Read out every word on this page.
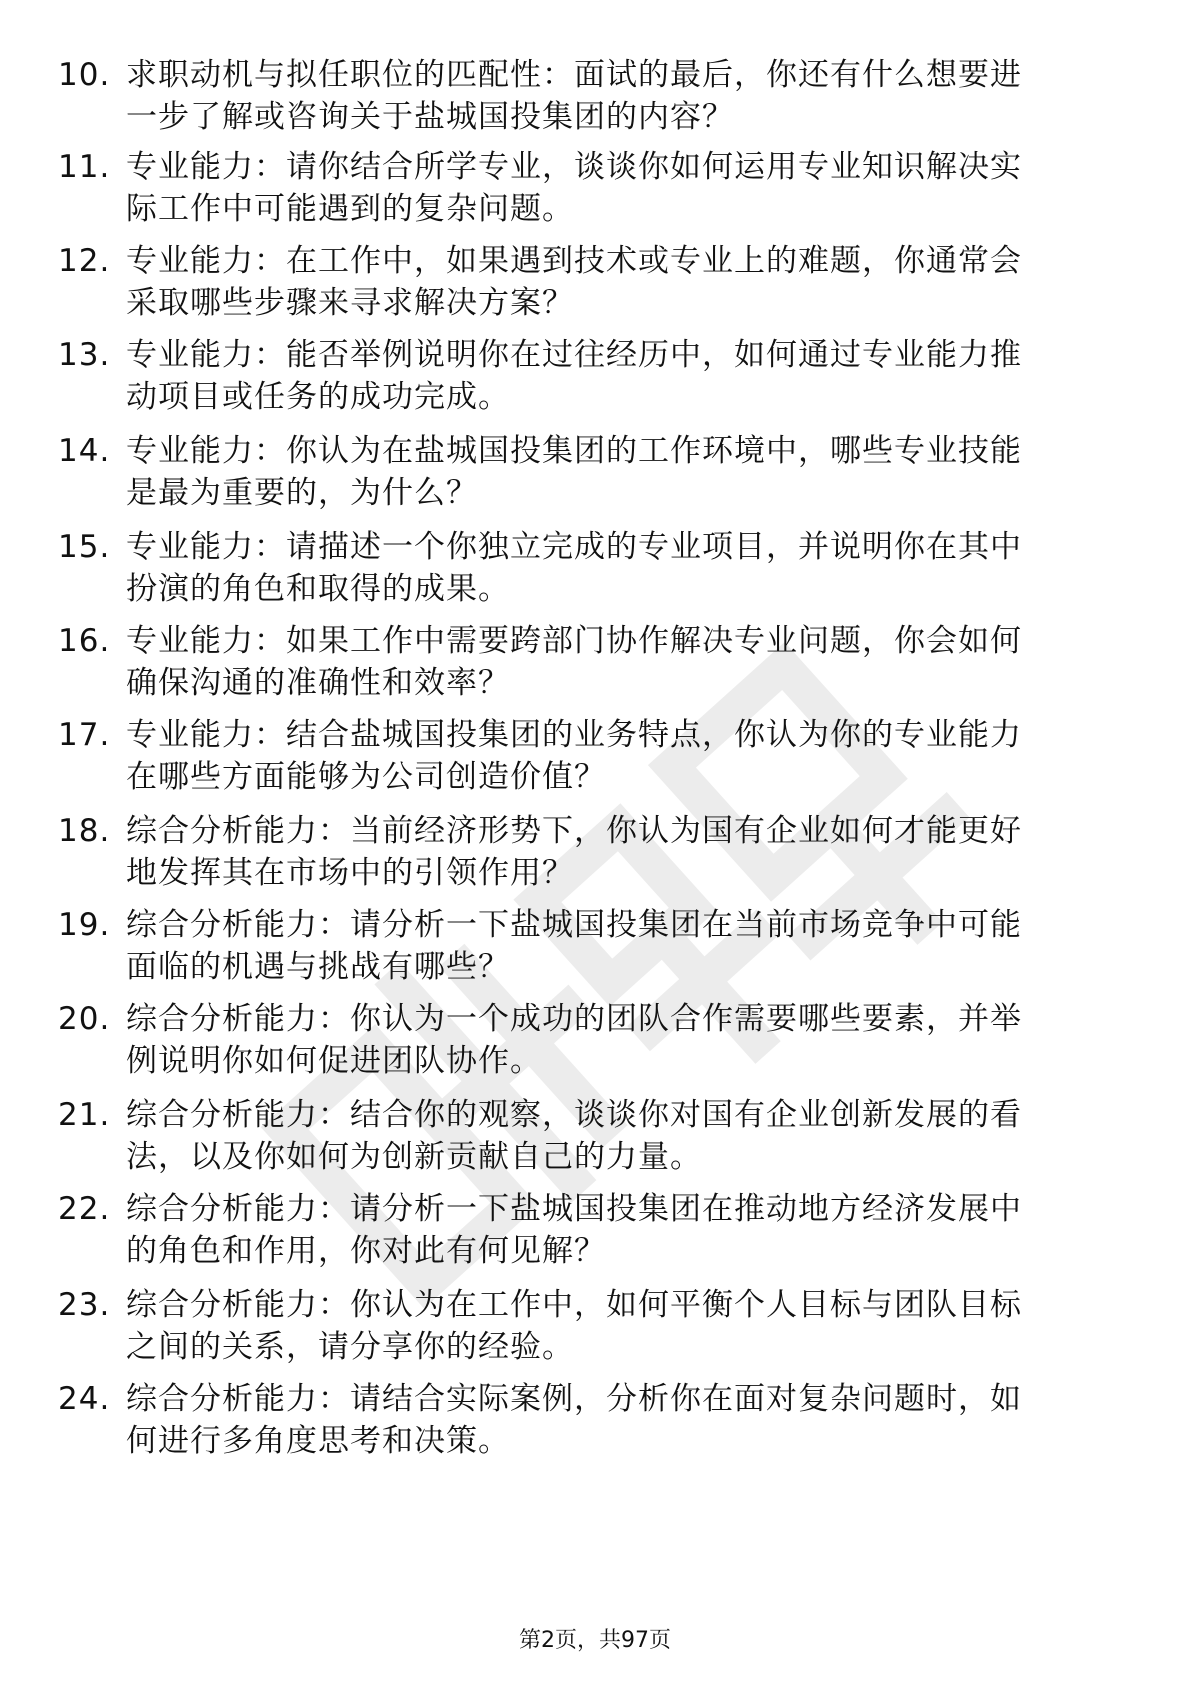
10. 求职动机与拟任职位的匹配性：面试的最后，你还有什么想要进
一步了解或咨询关于盐城国投集团的内容？
11. 专业能力：请你结合所学专业，谈谈你如何运用专业知识解决实
际工作中可能遇到的复杂问题。
12. 专业能力：在工作中，如果遇到技术或专业上的难题，你通常会
采取哪些步骤来寻求解决方案？
13. 专业能力：能否举例说明你在过往经历中，如何通过专业能力推
动项目或任务的成功完成。
14. 专业能力：你认为在盐城国投集团的工作环境中，哪些专业技能
是最为重要的，为什么？
15. 专业能力：请描述一个你独立完成的专业项目，并说明你在其中
扮演的角色和取得的成果。
16. 专业能力：如果工作中需要跨部门协作解决专业问题，你会如何
确保沟通的准确性和效率？
17. 专业能力：结合盐城国投集团的业务特点，你认为你的专业能力
在哪些方面能够为公司创造价值？
18. 综合分析能力：当前经济形势下，你认为国有企业如何才能更好
地发挥其在市场中的引领作用？
19. 综合分析能力：请分析一下盐城国投集团在当前市场竞争中可能
面临的机遇与挑战有哪些？
20. 综合分析能力：你认为一个成功的团队合作需要哪些要素，并举
例说明你如何促进团队协作。
21. 综合分析能力：结合你的观察，谈谈你对国有企业创新发展的看
法，以及你如何为创新贡献自己的力量。
22. 综合分析能力：请分析一下盐城国投集团在推动地方经济发展中
的角色和作用，你对此有何见解？
23. 综合分析能力：你认为在工作中，如何平衡个人目标与团队目标
之间的关系，请分享你的经验。
24. 综合分析能力：请结合实际案例，分析你在面对复杂问题时，如
何进行多角度思考和决策。
第2页，共97页
